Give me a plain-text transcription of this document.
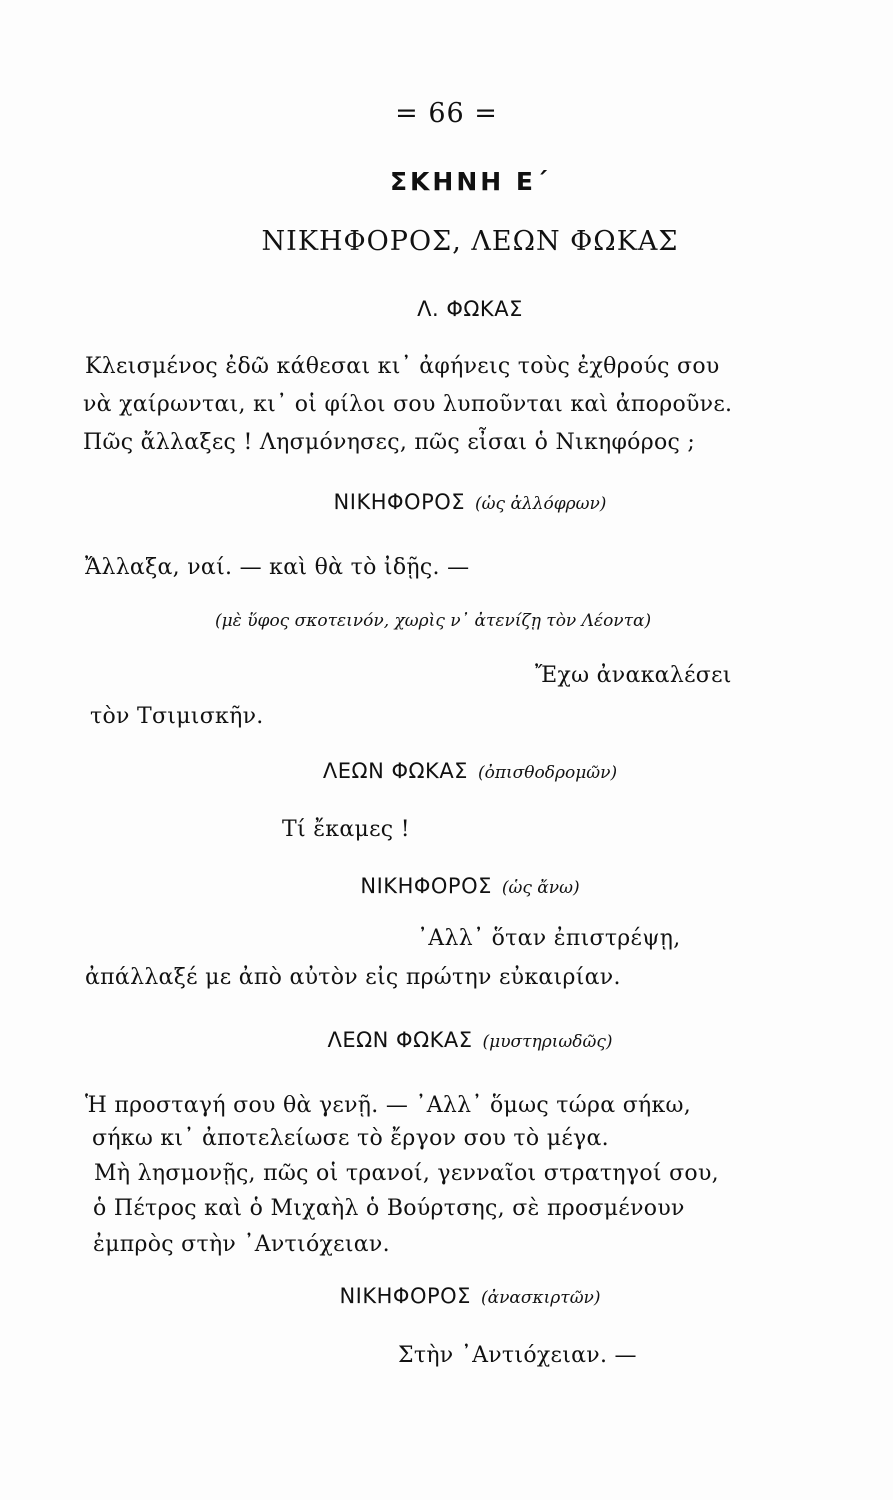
= 66 =
ΣΚΗΝΗ Ε΄
ΝΙΚΗΦΟΡΟΣ, ΛΕΩΝ ΦΩΚΑΣ
Λ. ΦΩΚΑΣ
Κλεισμένος ἐδῶ κάθεσαι κι᾿ ἀφήνεις τοὺς ἐχθρούς σου
νὰ χαίρωνται, κι᾿ οἱ φίλοι σου λυποῦνται καὶ ἀποροῦνε.
Πῶς ἄλλαξες ! Λησμόνησες, πῶς εἶσαι ὁ Νικηφόρος ;
ΝΙΚΗΦΟΡΟΣ (ὡς ἀλλόφρων)
Ἄλλαξα, ναί. — καὶ θὰ τὸ ἰδῇς. —
(μὲ ὕφος σκοτεινόν, χωρὶς ν᾿ ἀτενίζῃ τὸν Λέοντα)
Ἔχω ἀνακαλέσει
τὸν Τσιμισκῆν.
ΛΕΩΝ ΦΩΚΑΣ (ὀπισθοδρομῶν)
Τί ἔκαμες !
ΝΙΚΗΦΟΡΟΣ (ὡς ἄνω)
᾿Αλλ᾿ ὅταν ἐπιστρέψῃ,
ἀπάλλαξέ με ἀπὸ αὐτὸν εἰς πρώτην εὐκαιρίαν.
ΛΕΩΝ ΦΩΚΑΣ (μυστηριωδῶς)
Ἡ προσταγή σου θὰ γενῇ. — ᾿Αλλ᾿ ὅμως τώρα σήκω,
σήκω κι᾿ ἀποτελείωσε τὸ ἔργον σου τὸ μέγα.
Μὴ λησμονῇς, πῶς οἱ τρανοί, γενναῖοι στρατηγοί σου,
ὁ Πέτρος καὶ ὁ Μιχαὴλ ὁ Βούρτσης, σὲ προσμένουν
ἐμπρὸς στὴν ᾿Αντιόχειαν.
ΝΙΚΗΦΟΡΟΣ (ἀνασκιρτῶν)
Στὴν ᾿Αντιόχειαν. —
